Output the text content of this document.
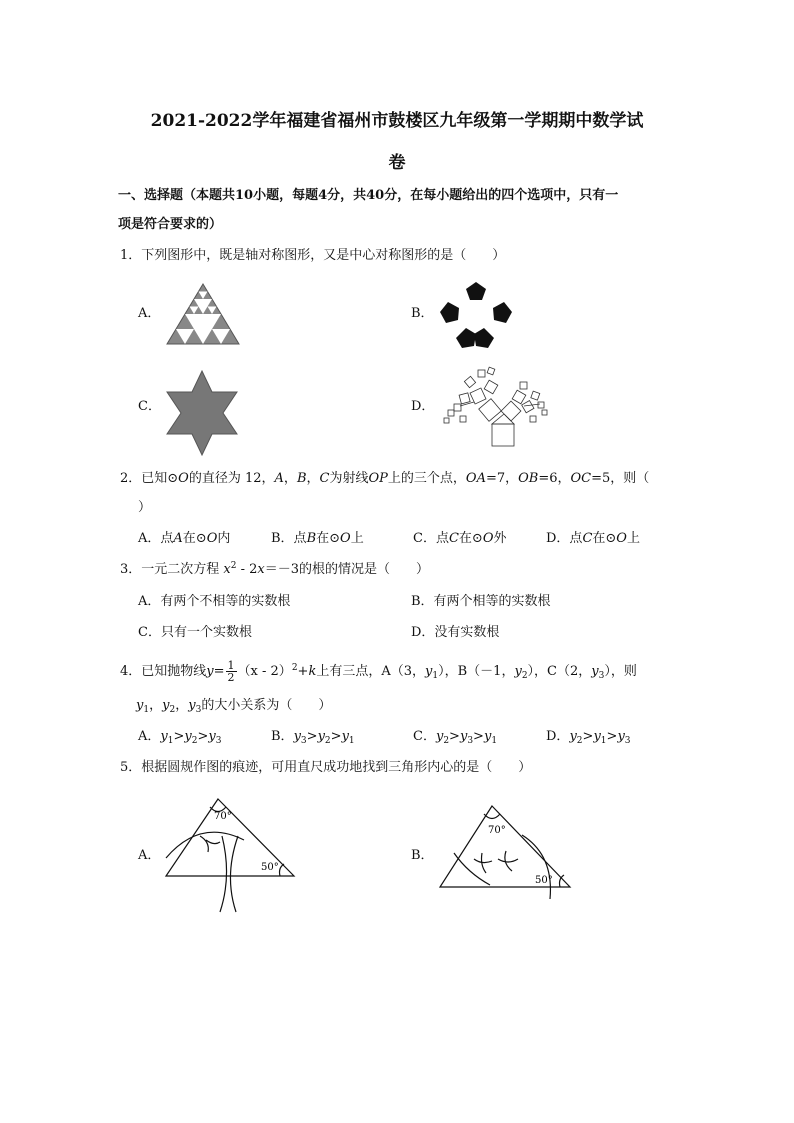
2021-2022学年福建省福州市鼓楼区九年级第一学期期中数学试
卷
一、选择题（本题共10小题，每题4分，共40分，在每小题给出的四个选项中，只有一
项是符合要求的）
1．下列图形中，既是轴对称图形，又是中心对称图形的是（　　）
A．	B．
C．	D．
2．已知⊙O的直径为 12，A，B，C为射线OP上的三个点，OA=7，OB=6，OC=5，则（
）
A．点A在⊙O内	B．点B在⊙O上	C．点C在⊙O外	D．点C在⊙O上
3．一元二次方程 $x^2 - 2x=-3$的根的情况是（　　）
A．有两个不相等的实数根	B．有两个相等的实数根
C．只有一个实数根	D．没有实数根
4．已知抛物线$y= \frac{1}{2} (x - 2)^2+k$上有三点，A（3，$y_1$），B（－1，$y_2$），C（2，$y_3$），则
$y_1$，$y_2$，$y_3$的大小关系为（　　）
A．$y_1>y_2>y_3$	B．$y_3>y_2>y_1$	C．$y_2>y_3>y_1$	D．$y_2>y_1>y_3$
5．根据圆规作图的痕迹，可用直尺成功地找到三角形内心的是（　　）
A．	B．
70°
50°
70°
50°
